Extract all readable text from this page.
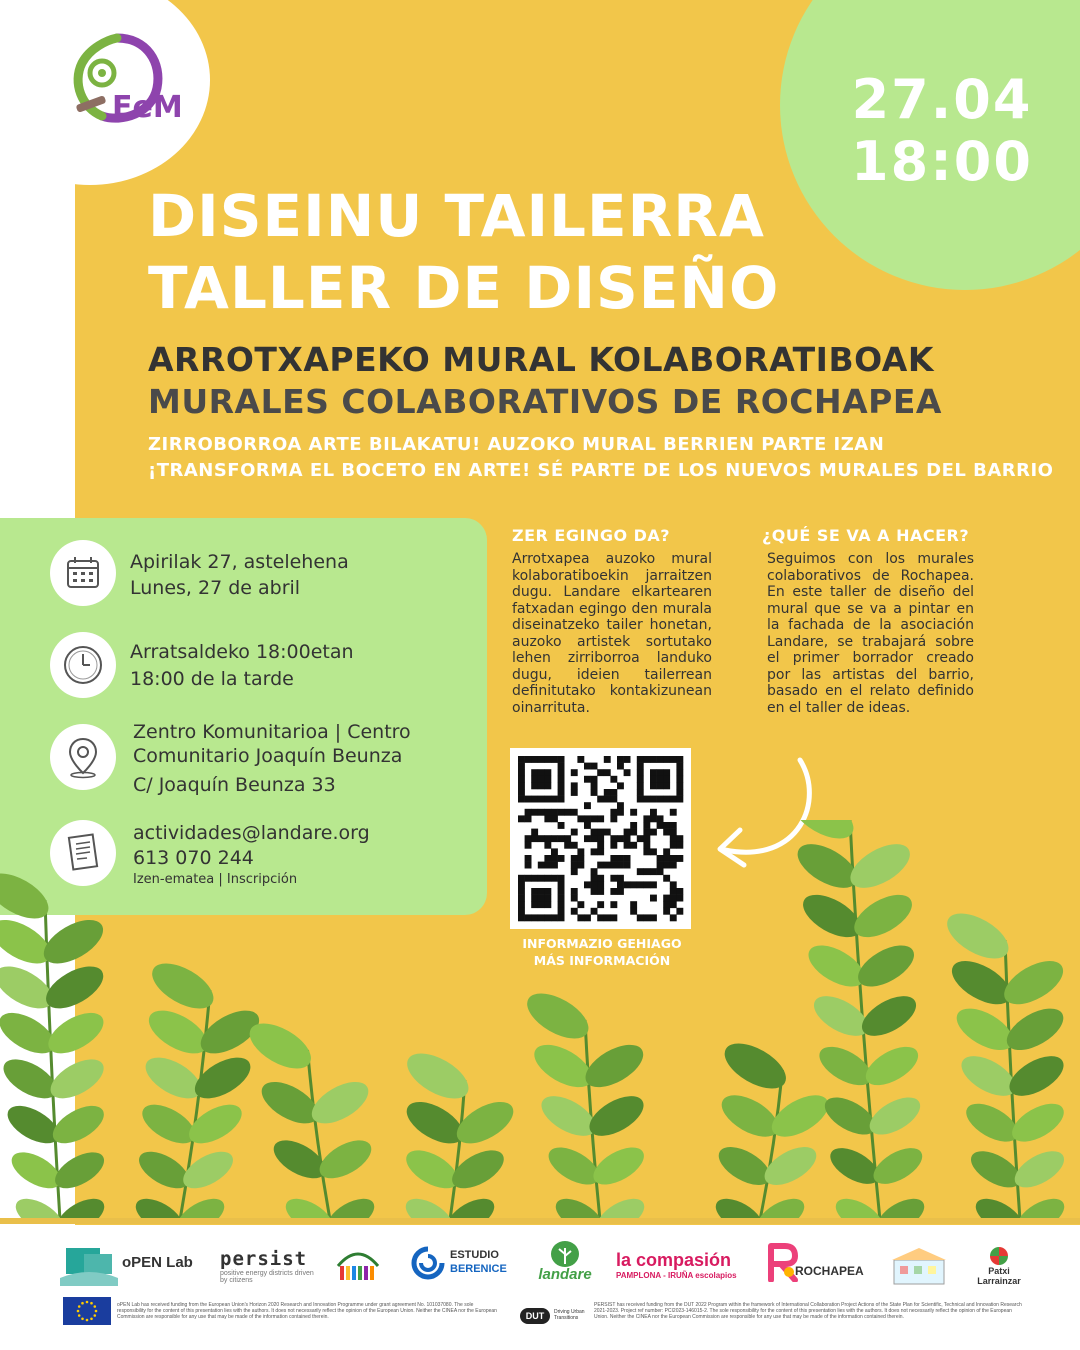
EeM	27.04
18:00
DISEINU TAILERRA
TALLER DE DISEÑO
ARROTXAPEKO MURAL KOLABORATIBOAK
MURALES COLABORATIVOS DE ROCHAPEA
ZIRROBORROA ARTE BILAKATU! AUZOKO MURAL BERRIEN PARTE IZAN
¡TRANSFORMA EL BOCETO EN ARTE! SÉ PARTE DE LOS NUEVOS MURALES DEL BARRIO
Apirilak 27, astelehena
Lunes, 27 de abril
Arratsaldeko 18:00etan
18:00 de la tarde
Zentro Komunitarioa | Centro
Comunitario Joaquín Beunza
C/ Joaquín Beunza 33
actividades@landare.org
613 070 244
Izen-ematea | Inscripción
ZER EGINGO DA?
Arrotxapea auzoko mural kolaboratiboekin jarraitzen dugu. Landare elkartearen fatxadan egingo den murala diseinatzeko tailer honetan, auzoko artistek sortutako lehen zirriborroa landuko dugu, ideien tailerrean definitutako kontakizunean oinarrituta.
¿QUÉ SE VA A HACER?
Seguimos con los murales colaborativos de Rochapea. En este taller de diseño del mural que se va a pintar en la fachada de la asociación Landare, se trabajará sobre el primer borrador creado por las artistas del barrio, basado en el relato definido en el taller de ideas.
INFORMAZIO GEHIAGO
MÁS INFORMACIÓN
oPEN Lab persist
positive energy districts driven by citizens
ESTUDIO
BERENICE	landare
la compasión
PAMPLONA - IRUÑA escolapios	ROCHAPEA	Patxi Larrainzar
oPEN Lab has received funding from the European Union's Horizon 2020 Research and Innovation Programme under grant agreement No. 101037080. The sole responsibility for the content of this presentation lies with the authors. It does not necessarily reflect the opinion of the European Union. Neither the CINEA nor the European Commission are responsible for any use that may be made of the information contained therein.	DUT	Driving Urban Transitions
PERSIST has received funding from the DUT 2022 Program within the framework of International Collaboration Project Actions of the State Plan for Scientific, Technical and Innovation Research 2021-2023. Project ref number: PCI2023-146015-2. The sole responsibility for the content of this presentation lies with the authors. It does not necessarily reflect the opinion of the European Union. Neither the CINEA nor the European Commission are responsible for any use that may be made of the information contained therein.
